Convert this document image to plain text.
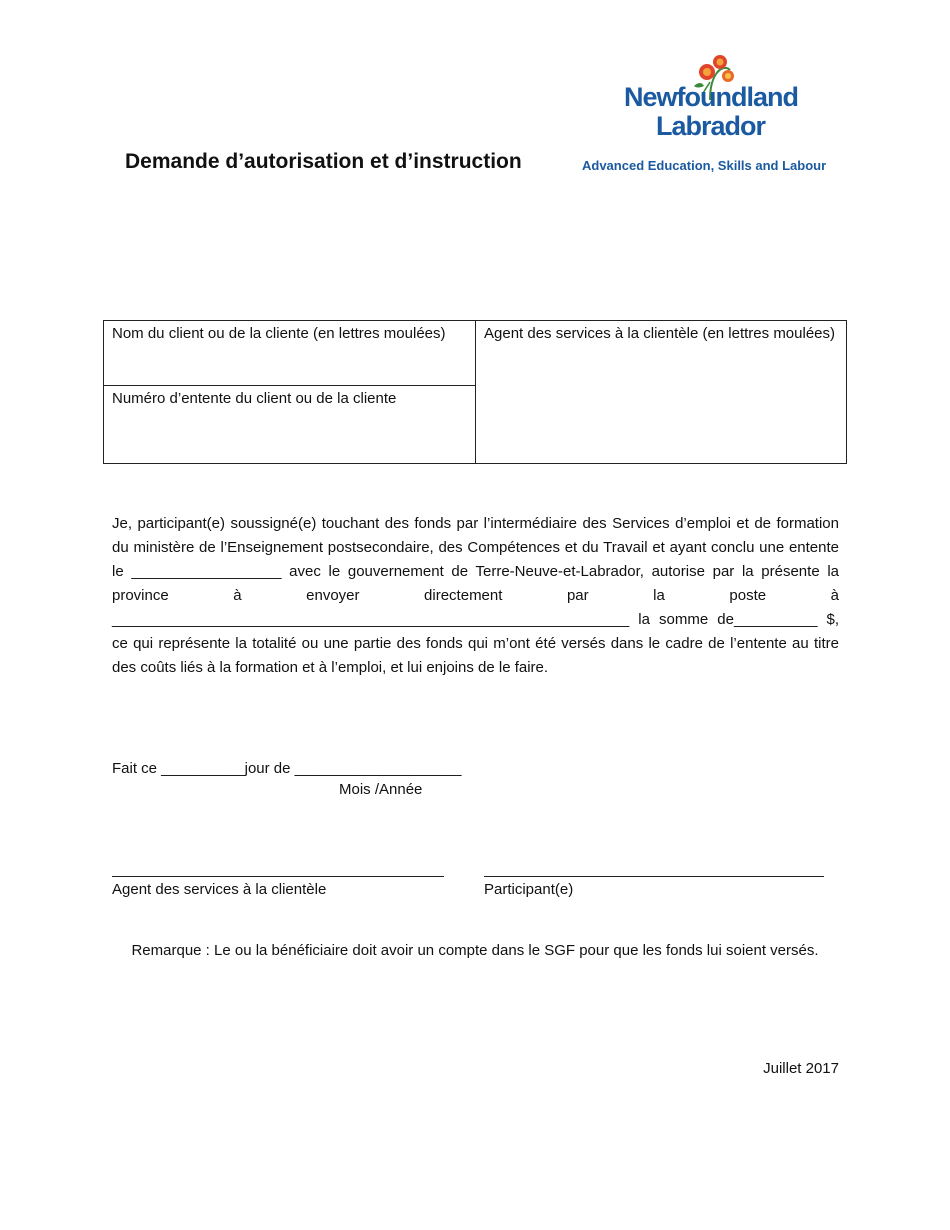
Demande d’autorisation et d’instruction
Newfoundland
Labrador
Advanced Education, Skills and Labour
Nom du client ou de la cliente (en lettres moulées)	Agent des services à la clientèle (en lettres moulées)
Numéro d’entente du client ou de la cliente

Je, participant(e) soussigné(e) touchant des fonds par l’intermédiaire des Services d’emploi et de formation du ministère de l’Enseignement postsecondaire, des Compétences et du Travail et ayant conclu une entente le __________________ avec le gouvernement de Terre-Neuve-et-Labrador, autorise par la présente la province à envoyer directement par la poste à ______________________________________________________________ la somme de__________ $, ce qui représente la totalité ou une partie des fonds qui m’ont été versés dans le cadre de l’entente au titre des coûts liés à la formation et à l’emploi, et lui enjoins de le faire.

Fait ce __________jour de ____________________
Mois /Année
Agent des services à la clientèle	Participant(e)
Remarque : Le ou la bénéficiaire doit avoir un compte dans le SGF pour que les fonds lui soient versés.
Juillet 2017
